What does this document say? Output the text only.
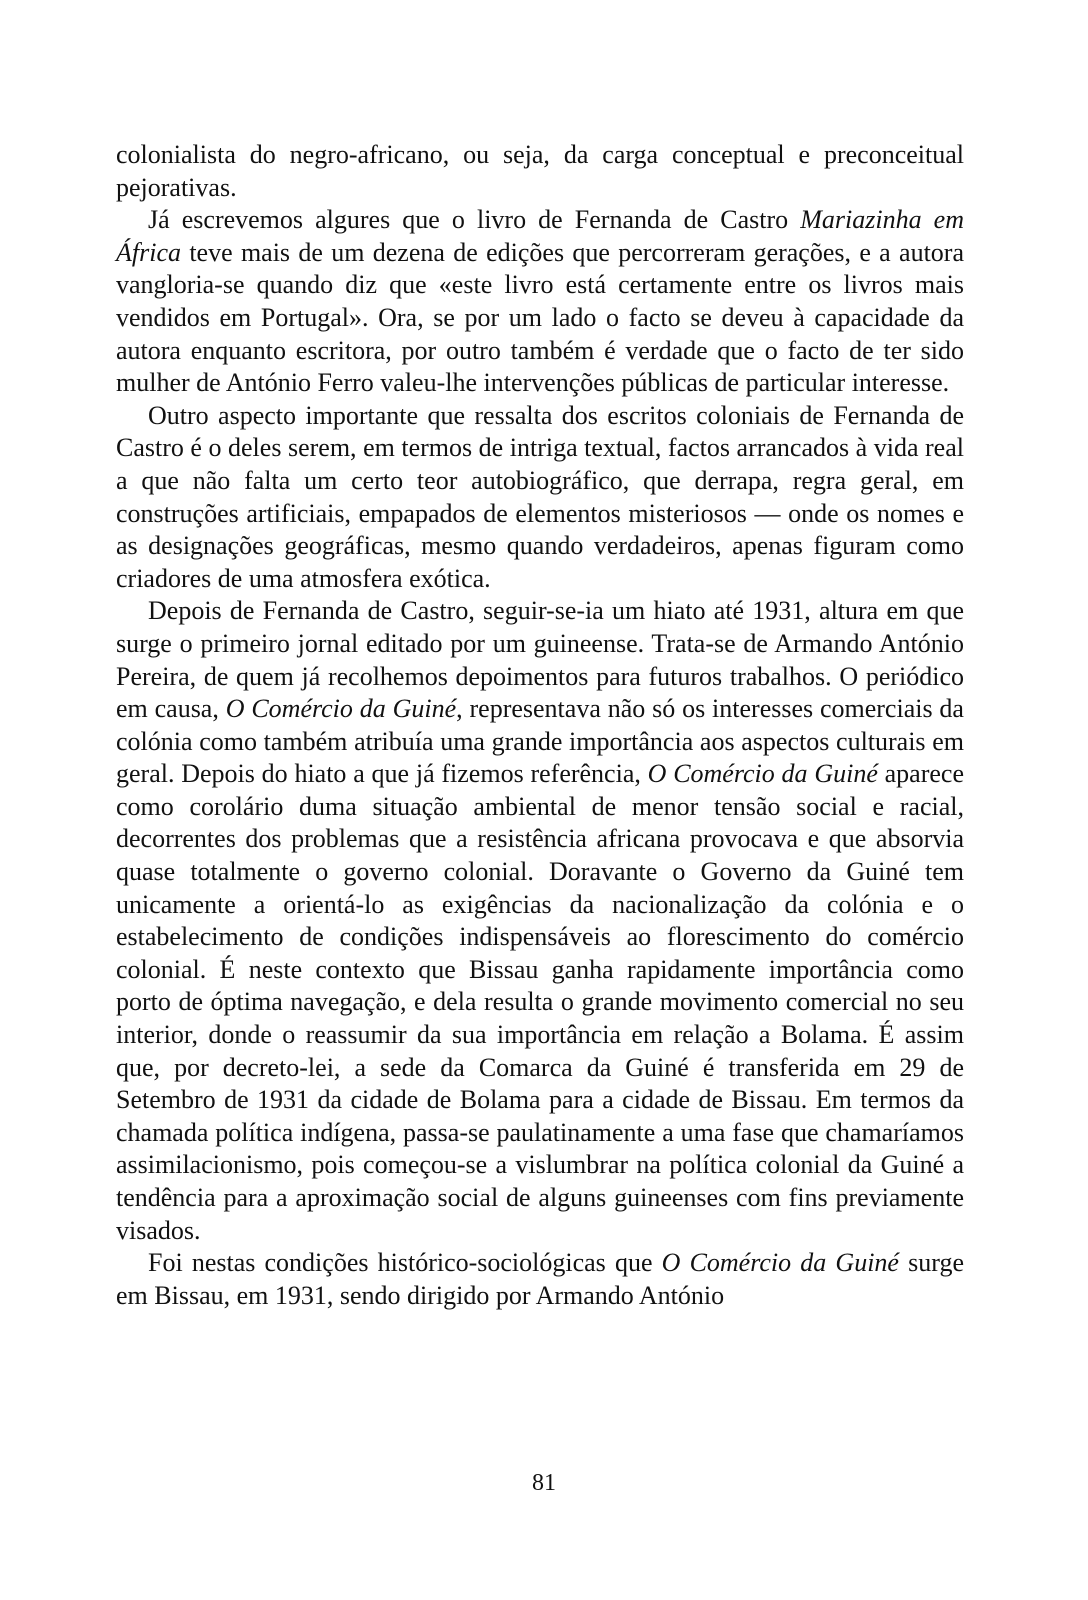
colonialista do negro-africano, ou seja, da carga conceptual e preconceitual pejorativas.

Já escrevemos algures que o livro de Fernanda de Castro Mariazinha em África teve mais de um dezena de edições que percorreram gerações, e a autora vangloria-se quando diz que «este livro está certamente entre os livros mais vendidos em Portugal». Ora, se por um lado o facto se deveu à capacidade da autora enquanto escritora, por outro também é verdade que o facto de ter sido mulher de António Ferro valeu-lhe intervenções públicas de particular interesse.

Outro aspecto importante que ressalta dos escritos coloniais de Fernanda de Castro é o deles serem, em termos de intriga textual, factos arrancados à vida real a que não falta um certo teor autobiográfico, que derrapa, regra geral, em construções artificiais, empapados de elementos misteriosos — onde os nomes e as designações geográficas, mesmo quando verdadeiros, apenas figuram como criadores de uma atmosfera exótica.

Depois de Fernanda de Castro, seguir-se-ia um hiato até 1931, altura em que surge o primeiro jornal editado por um guineense. Trata-se de Armando António Pereira, de quem já recolhemos depoimentos para futuros trabalhos. O periódico em causa, O Comércio da Guiné, representava não só os interesses comerciais da colónia como também atribuía uma grande importância aos aspectos culturais em geral. Depois do hiato a que já fizemos referência, O Comércio da Guiné aparece como corolário duma situação ambiental de menor tensão social e racial, decorrentes dos problemas que a resistência africana provocava e que absorvia quase totalmente o governo colonial. Doravante o Governo da Guiné tem unicamente a orientá-lo as exigências da nacionalização da colónia e o estabelecimento de condições indispensáveis ao florescimento do comércio colonial. É neste contexto que Bissau ganha rapidamente importância como porto de óptima navegação, e dela resulta o grande movimento comercial no seu interior, donde o reassumir da sua importância em relação a Bolama. É assim que, por decreto-lei, a sede da Comarca da Guiné é transferida em 29 de Setembro de 1931 da cidade de Bolama para a cidade de Bissau. Em termos da chamada política indígena, passa-se paulatinamente a uma fase que chamaríamos assimilacionismo, pois começou-se a vislumbrar na política colonial da Guiné a tendência para a aproximação social de alguns guineenses com fins previamente visados.

Foi nestas condições histórico-sociológicas que O Comércio da Guiné surge em Bissau, em 1931, sendo dirigido por Armando António

81
